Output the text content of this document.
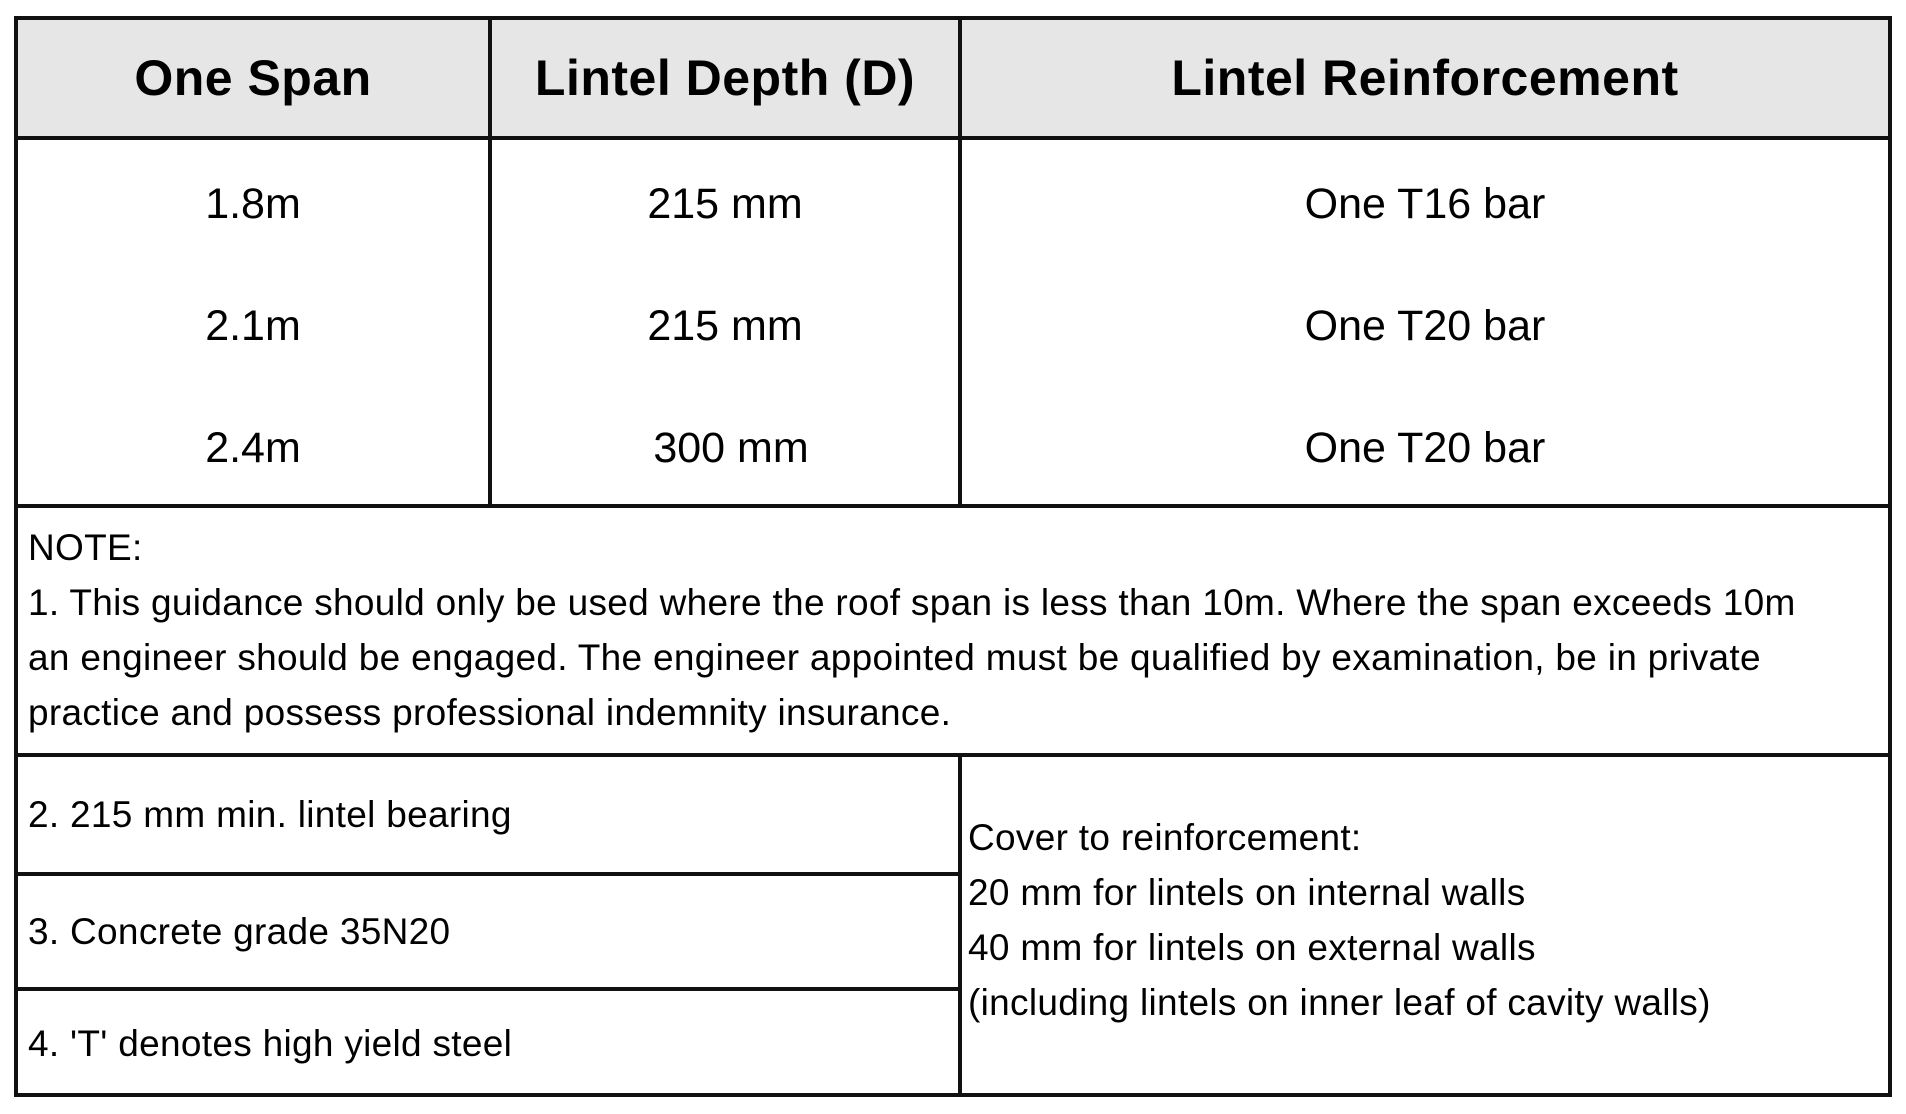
One Span	Lintel Depth (D)	Lintel Reinforcement
1.8m	215 mm	One T16 bar
2.1m	215 mm	One T20 bar
2.4m	300 mm	One T20 bar
NOTE:
1. This guidance should only be used where the roof span is less than 10m. Where the span exceeds 10m
an engineer should be engaged. The engineer appointed must be qualified by examination, be in private
practice and possess professional indemnity insurance.
2. 215 mm min. lintel bearing
3. Concrete grade 35N20
4. 'T' denotes high yield steel
Cover to reinforcement:
20 mm for lintels on internal walls
40 mm for lintels on external walls
(including lintels on inner leaf of cavity walls)
